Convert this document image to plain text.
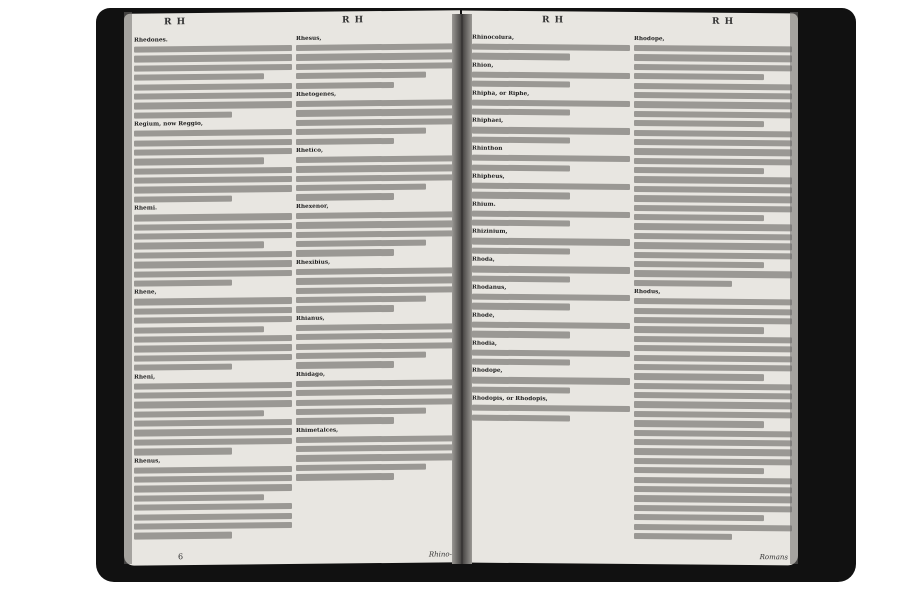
R H	R H
Rhedones.
Regium, now Reggio,
Rhemi.
Rhene,
Rheni,
Rhenus,
Rhesus,
Rhetogenes,
Rhetico,
Rhexenor,
Rhexibius,
Rhianus,
Rhidago,
Rhimetalces,
6	Rhino-
R H	R H
Rhinocolura,
Rhion,
Rhipha, or Riphe,
Rhiphaei,
Rhinthon
Rhipheus,
Rhium.
Rhizinium,
Rhoda,
Rhodanus,
Rhode,
Rhodia,
Rhodope,
Rhodopis, or Rhodopis,
Rhodope,
Rhodus,
Romans
